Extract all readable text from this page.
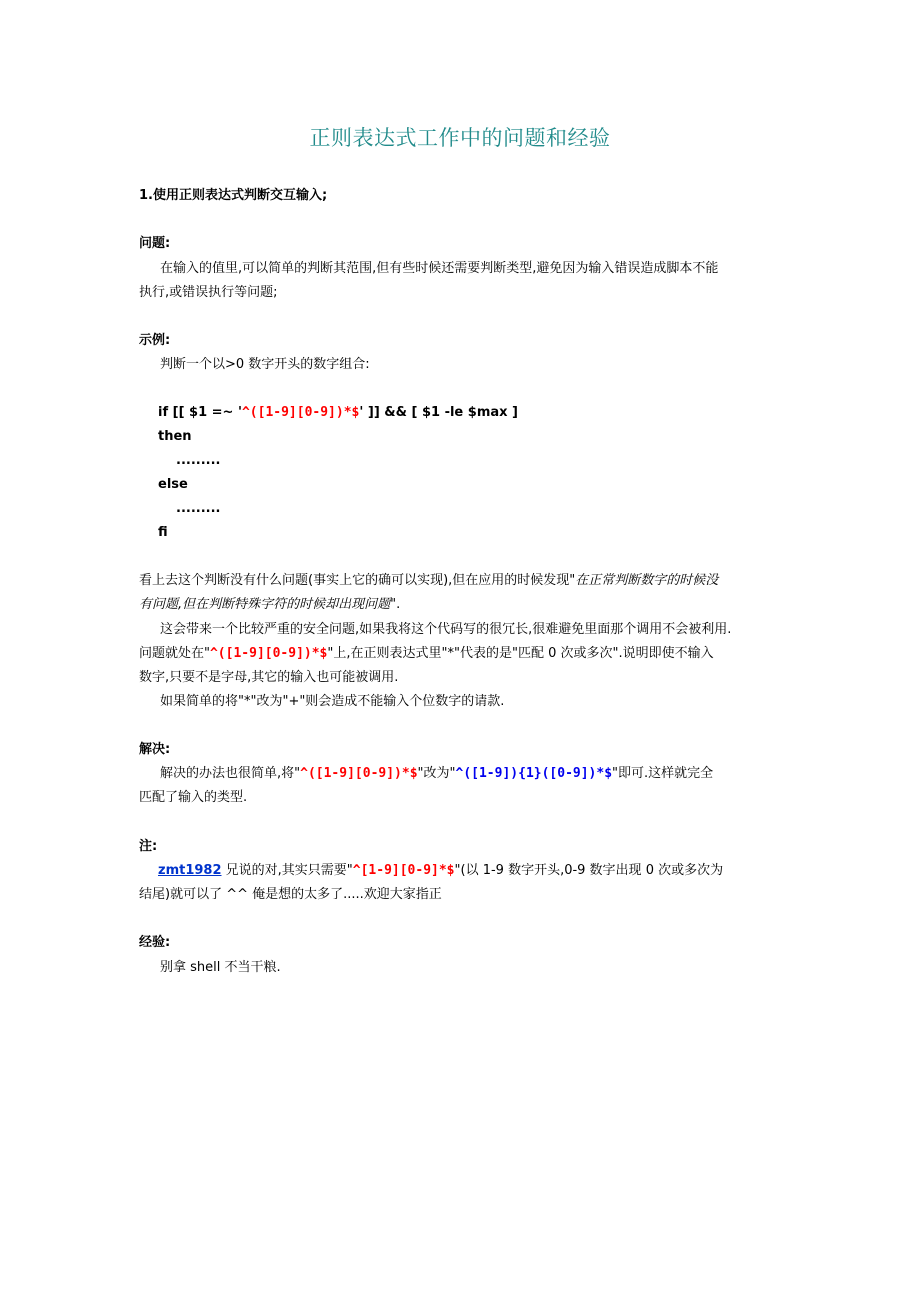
正则表达式工作中的问题和经验
1.使用正则表达式判断交互输入;
问题:
在输入的值里,可以简单的判断其范围,但有些时候还需要判断类型,避免因为输入错误造成脚本不能
执行,或错误执行等问题;
示例:
判断一个以>0 数字开头的数字组合:
if [[ $1 =~ '^([1-9][0-9])*$' ]] && [ $1 -le $max ]
then
.........
else
.........
fi
看上去这个判断没有什么问题(事实上它的确可以实现),但在应用的时候发现"在正常判断数字的时候没
有问题,但在判断特殊字符的时候却出现问题".
这会带来一个比较严重的安全问题,如果我将这个代码写的很冗长,很难避免里面那个调用不会被利用.
问题就处在"^([1-9][0-9])*$"上,在正则表达式里"*"代表的是"匹配 0 次或多次".说明即使不输入
数字,只要不是字母,其它的输入也可能被调用.
如果简单的将"*"改为"+"则会造成不能输入个位数字的请款.
解决:
解决的办法也很简单,将"^([1-9][0-9])*$"改为"^([1-9]){1}([0-9])*$"即可.这样就完全
匹配了输入的类型.
注:
zmt1982 兄说的对,其实只需要"^[1-9][0-9]*$"(以 1-9 数字开头,0-9 数字出现 0 次或多次为
结尾)就可以了 ^^ 俺是想的太多了.....欢迎大家指正
经验:
别拿 shell 不当干粮.
